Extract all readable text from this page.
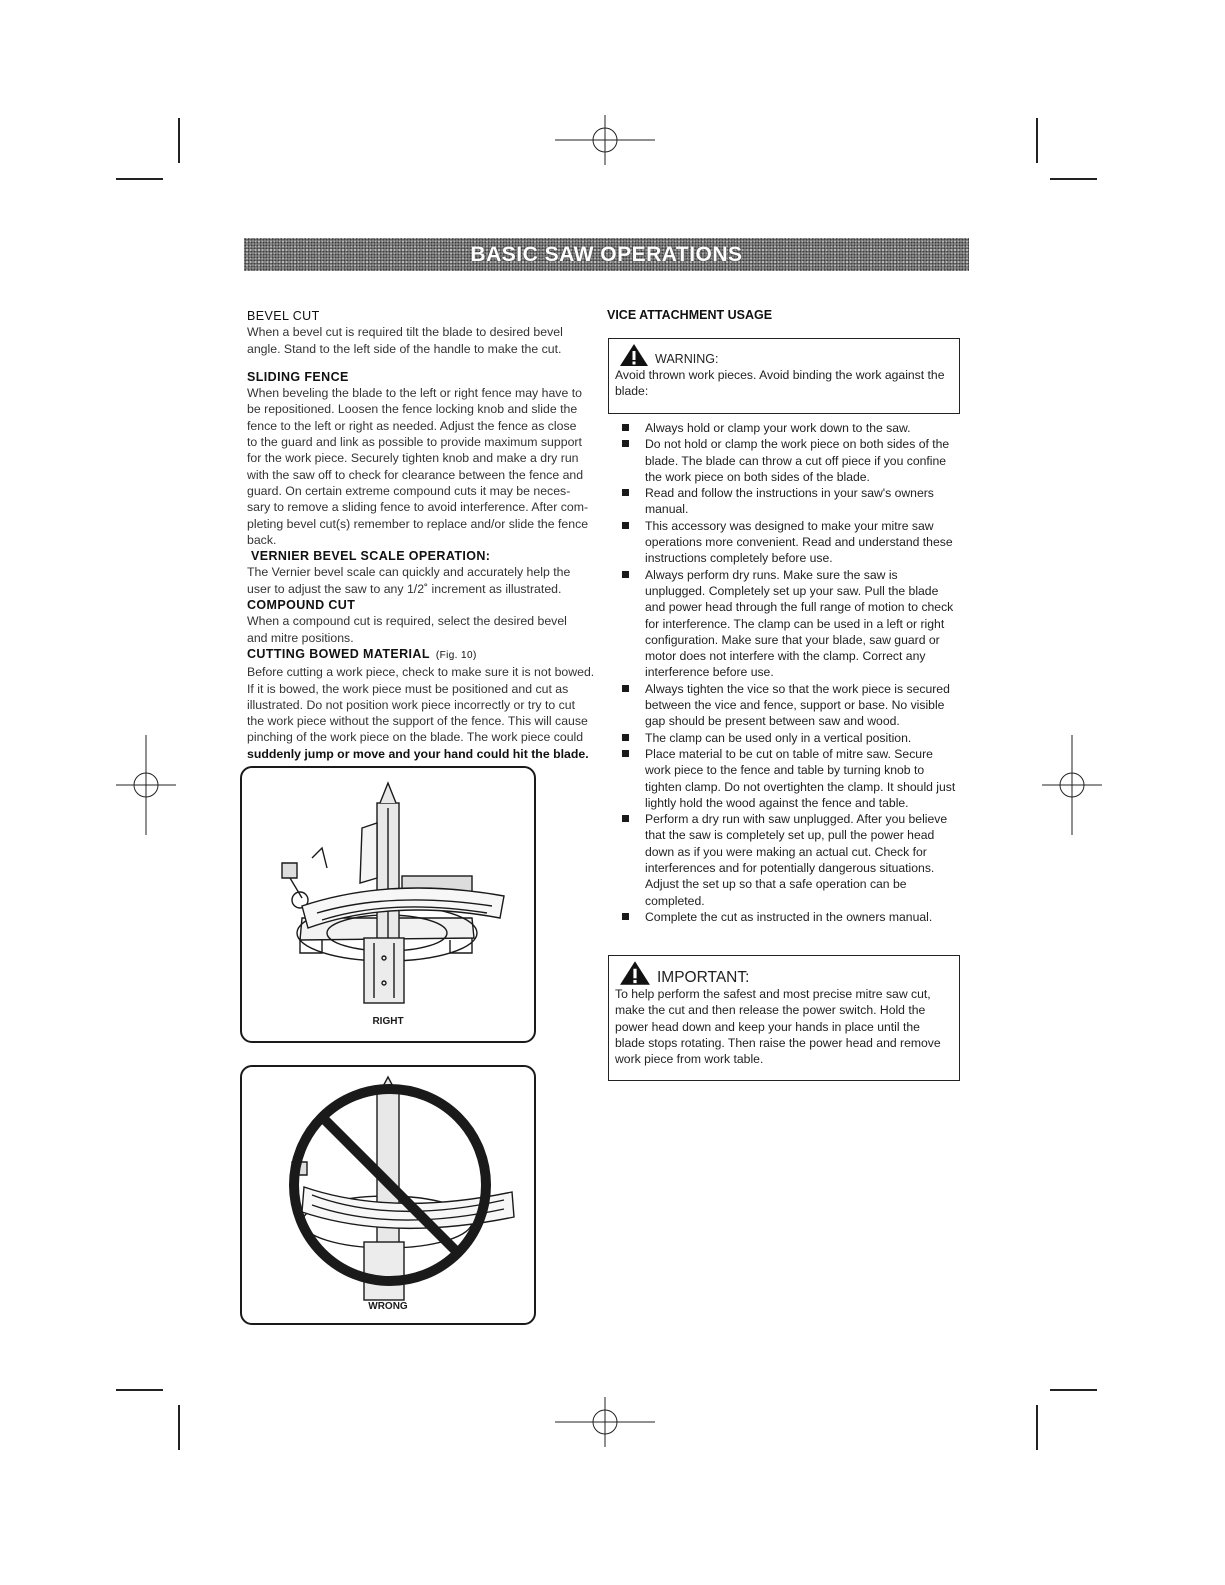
BASIC SAW OPERATIONS
BEVEL CUT

When a bevel cut is required tilt the blade to desired bevel

angle. Stand to the left side of the handle to make the cut.

SLIDING FENCE

When beveling the blade to the left or right fence may have to

be repositioned. Loosen the fence locking knob and slide the

fence to the left or right as needed. Adjust the fence as close

to the guard and link as possible to provide maximum support

for the work piece. Securely tighten knob and make a dry run

with the saw off to check for clearance between the fence and

guard. On certain extreme compound cuts it may be neces-

sary to remove a sliding fence to avoid interference. After com-

pleting bevel cut(s) remember to replace and/or slide the fence

back.

VERNIER BEVEL SCALE OPERATION:

The Vernier bevel scale can quickly and accurately help the

user to adjust the saw to any 1/2˚ increment as illustrated.

COMPOUND CUT

When a compound cut is required, select the desired bevel

and mitre positions.

CUTTING BOWED MATERIAL (Fig. 10)

Before cutting a work piece, check to make sure it is not bowed.

If it is bowed, the work piece must be positioned and cut as

illustrated. Do not position work piece incorrectly or try to cut

the work piece without the support of the fence. This will cause

pinching of the work piece on the blade. The work piece could

suddenly jump or move and your hand could hit the blade.

RIGHT
WRONG

VICE ATTACHMENT USAGE

WARNING:
Avoid thrown work pieces. Avoid binding the work against the
blade:
Always hold or clamp your work down to the saw.
Do not hold or clamp the work piece on both sides of the blade. The blade can throw a cut off piece if you confine the work piece on both sides of the blade.
Read and follow the instructions in your saw's owners manual.
This accessory was designed to make your mitre saw operations more convenient. Read and understand these instructions completely before use.
Always perform dry runs. Make sure the saw is unplugged. Completely set up your saw. Pull the blade and power head through the full range of motion to check for interference. The clamp can be used in a left or right configuration. Make sure that your blade, saw guard or motor does not interfere with the clamp. Correct any interference before use.
Always tighten the vice so that the work piece is secured between the vice and fence, support or base. No visible gap should be present between saw and wood.
The clamp can be used only in a vertical position.
Place material to be cut on table of mitre saw. Secure work piece to the fence and table by turning knob to tighten clamp. Do not overtighten the clamp. It should just lightly hold the wood against the fence and table.
Perform a dry run with saw unplugged. After you believe that the saw is completely set up, pull the power head down as if you were making an actual cut. Check for interferences and for potentially dangerous situations. Adjust the set up so that a safe operation can be completed.
Complete the cut as instructed in the owners manual.
IMPORTANT:
To help perform the safest and most precise mitre saw cut,
make the cut and then release the power switch. Hold the
power head down and keep your hands in place until the
blade stops rotating. Then raise the power head and remove
work piece from work table.
